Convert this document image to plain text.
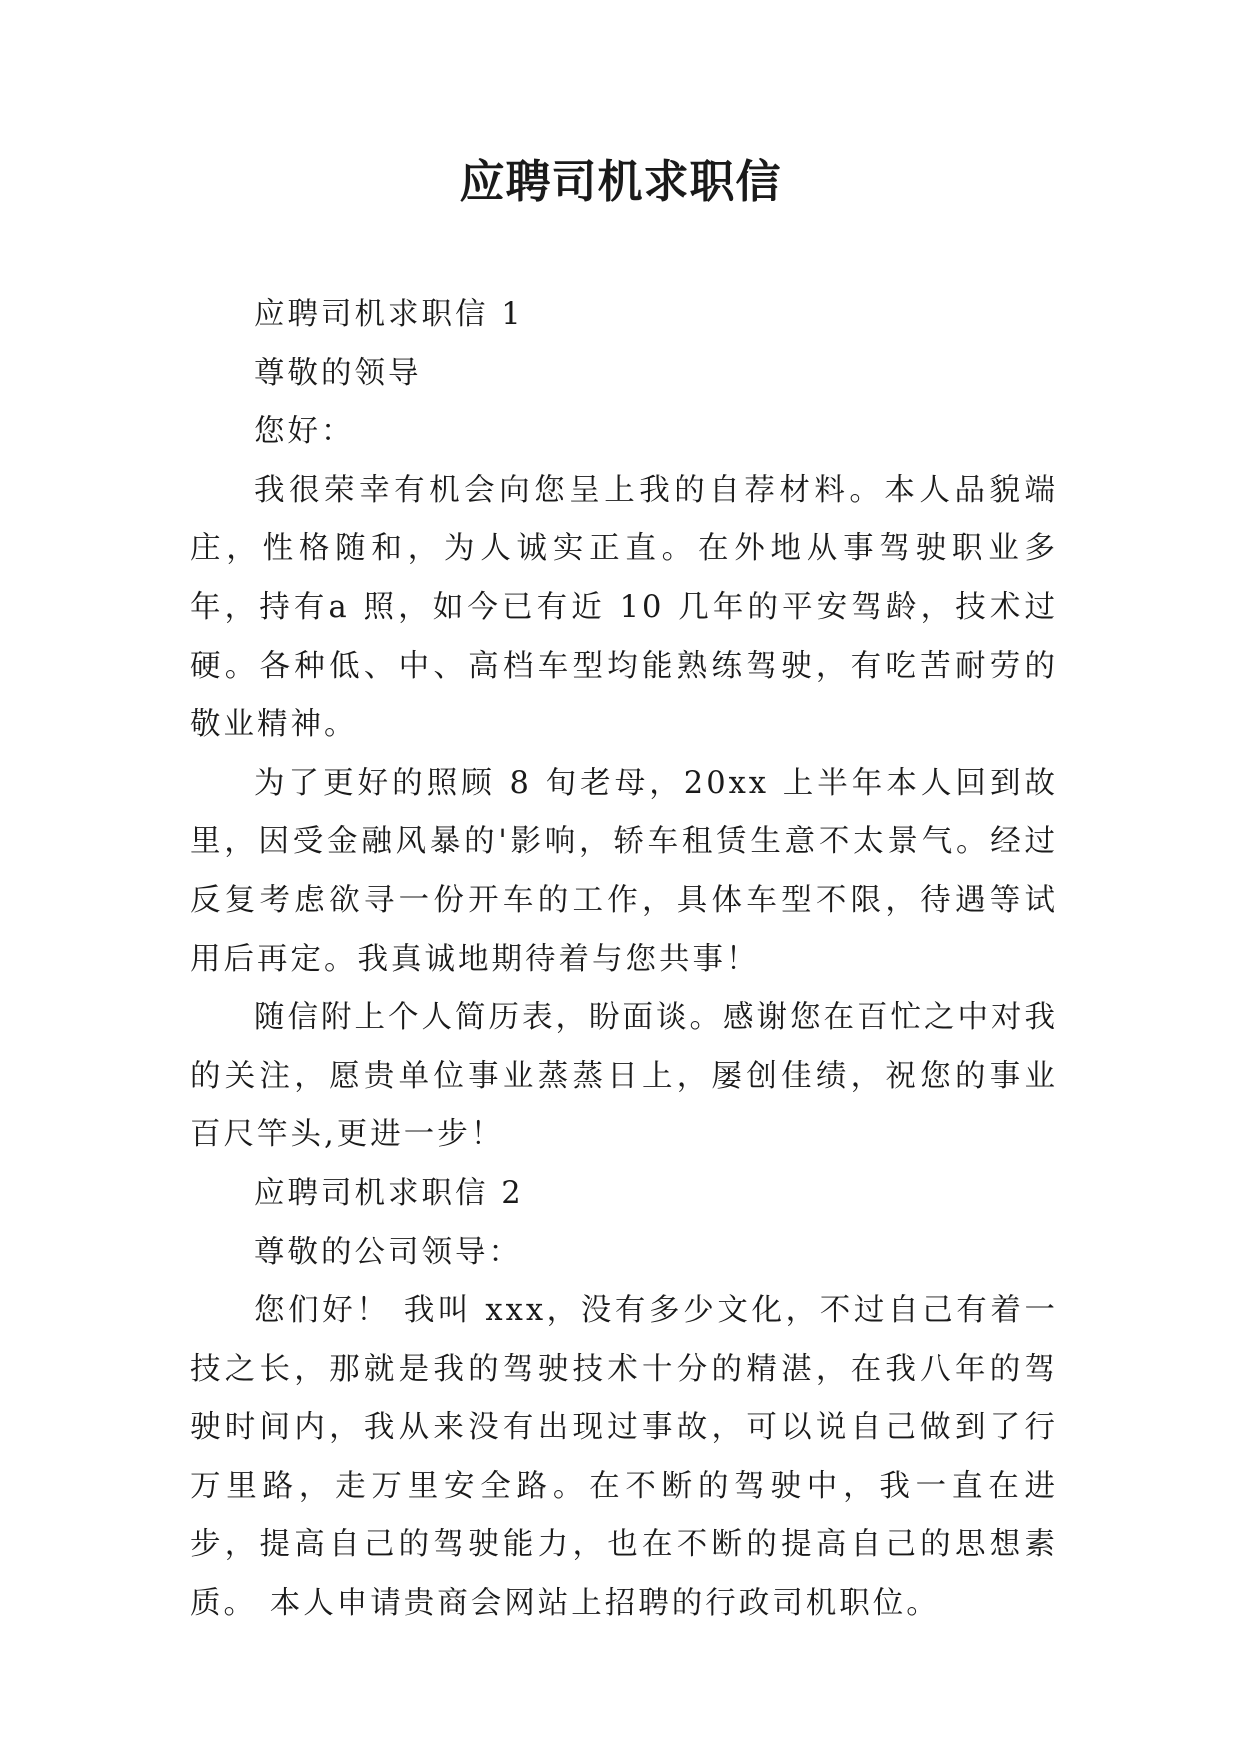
应聘司机求职信

应聘司机求职信 1

尊敬的领导

您好：

我很荣幸有机会向您呈上我的自荐材料。本人品貌端庄，性格随和，为人诚实正直。在外地从事驾驶职业多年，持有a 照，如今已有近 10 几年的平安驾龄，技术过硬。各种低、中、高档车型均能熟练驾驶，有吃苦耐劳的敬业精神。

为了更好的照顾 8 旬老母，20xx 上半年本人回到故里，因受金融风暴的'影响，轿车租赁生意不太景气。经过反复考虑欲寻一份开车的工作，具体车型不限，待遇等试用后再定。我真诚地期待着与您共事！

随信附上个人简历表，盼面谈。感谢您在百忙之中对我的关注，愿贵单位事业蒸蒸日上，屡创佳绩，祝您的事业百尺竿头,更进一步！

应聘司机求职信 2

尊敬的公司领导：

您们好！ 我叫 xxx，没有多少文化，不过自己有着一技之长，那就是我的驾驶技术十分的精湛，在我八年的驾驶时间内，我从来没有出现过事故，可以说自己做到了行万里路，走万里安全路。在不断的驾驶中，我一直在进步，提高自己的驾驶能力，也在不断的提高自己的思想素质。 本人申请贵商会网站上招聘的行政司机职位。
